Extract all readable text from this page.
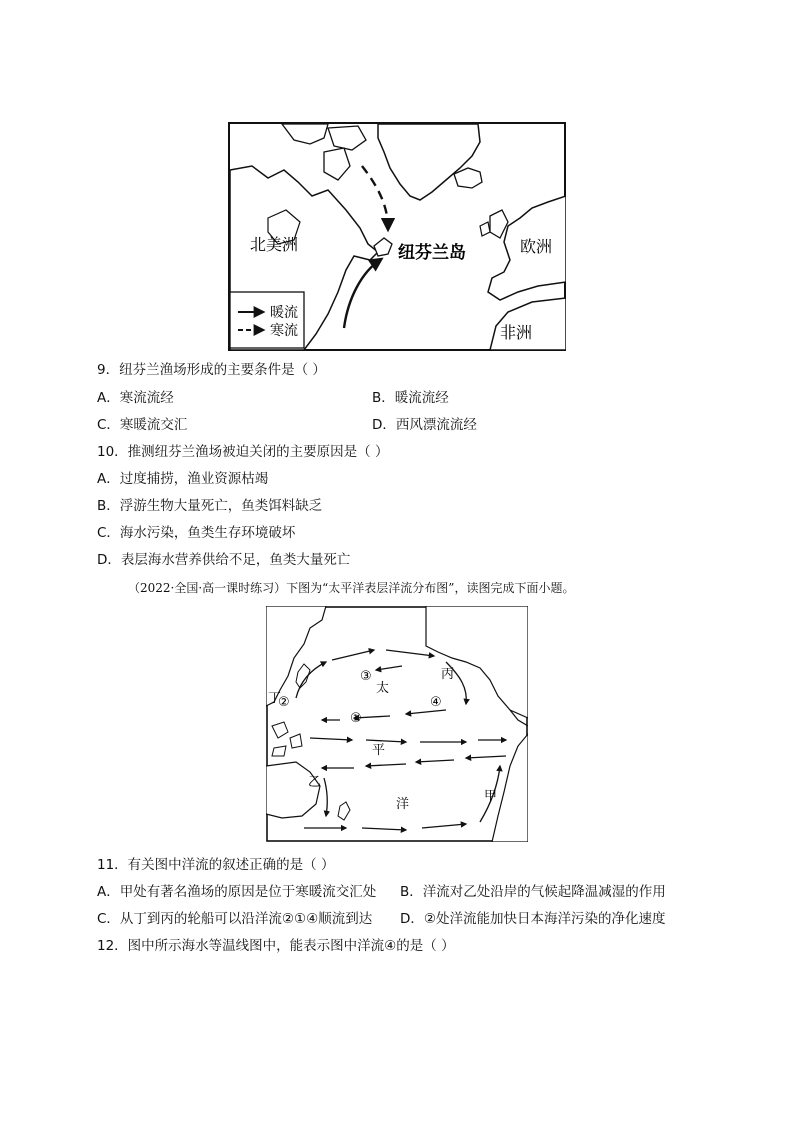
暖流
寒流
北美洲	纽芬兰岛	欧洲
非洲
9．纽芬兰渔场形成的主要条件是（ ）
A．寒流流经	B．暖流流经
C．寒暖流交汇	D．西风漂流流经
10．推测纽芬兰渔场被迫关闭的主要原因是（ ）
A．过度捕捞，渔业资源枯竭
B．浮游生物大量死亡，鱼类饵料缺乏
C．海水污染，鱼类生存环境破坏
D．表层海水营养供给不足，鱼类大量死亡
（2022·全国·高一课时练习）下图为“太平洋表层洋流分布图”，读图完成下面小题。
丁
丙
甲
乙
太
平
洋
①
②
③
④
11．有关图中洋流的叙述正确的是（ ）
A．甲处有著名渔场的原因是位于寒暖流交汇处 B．洋流对乙处沿岸的气候起降温减湿的作用
C．从丁到丙的轮船可以沿洋流②①④顺流到达 D．②处洋流能加快日本海洋污染的净化速度
12．图中所示海水等温线图中，能表示图中洋流④的是（ ）
